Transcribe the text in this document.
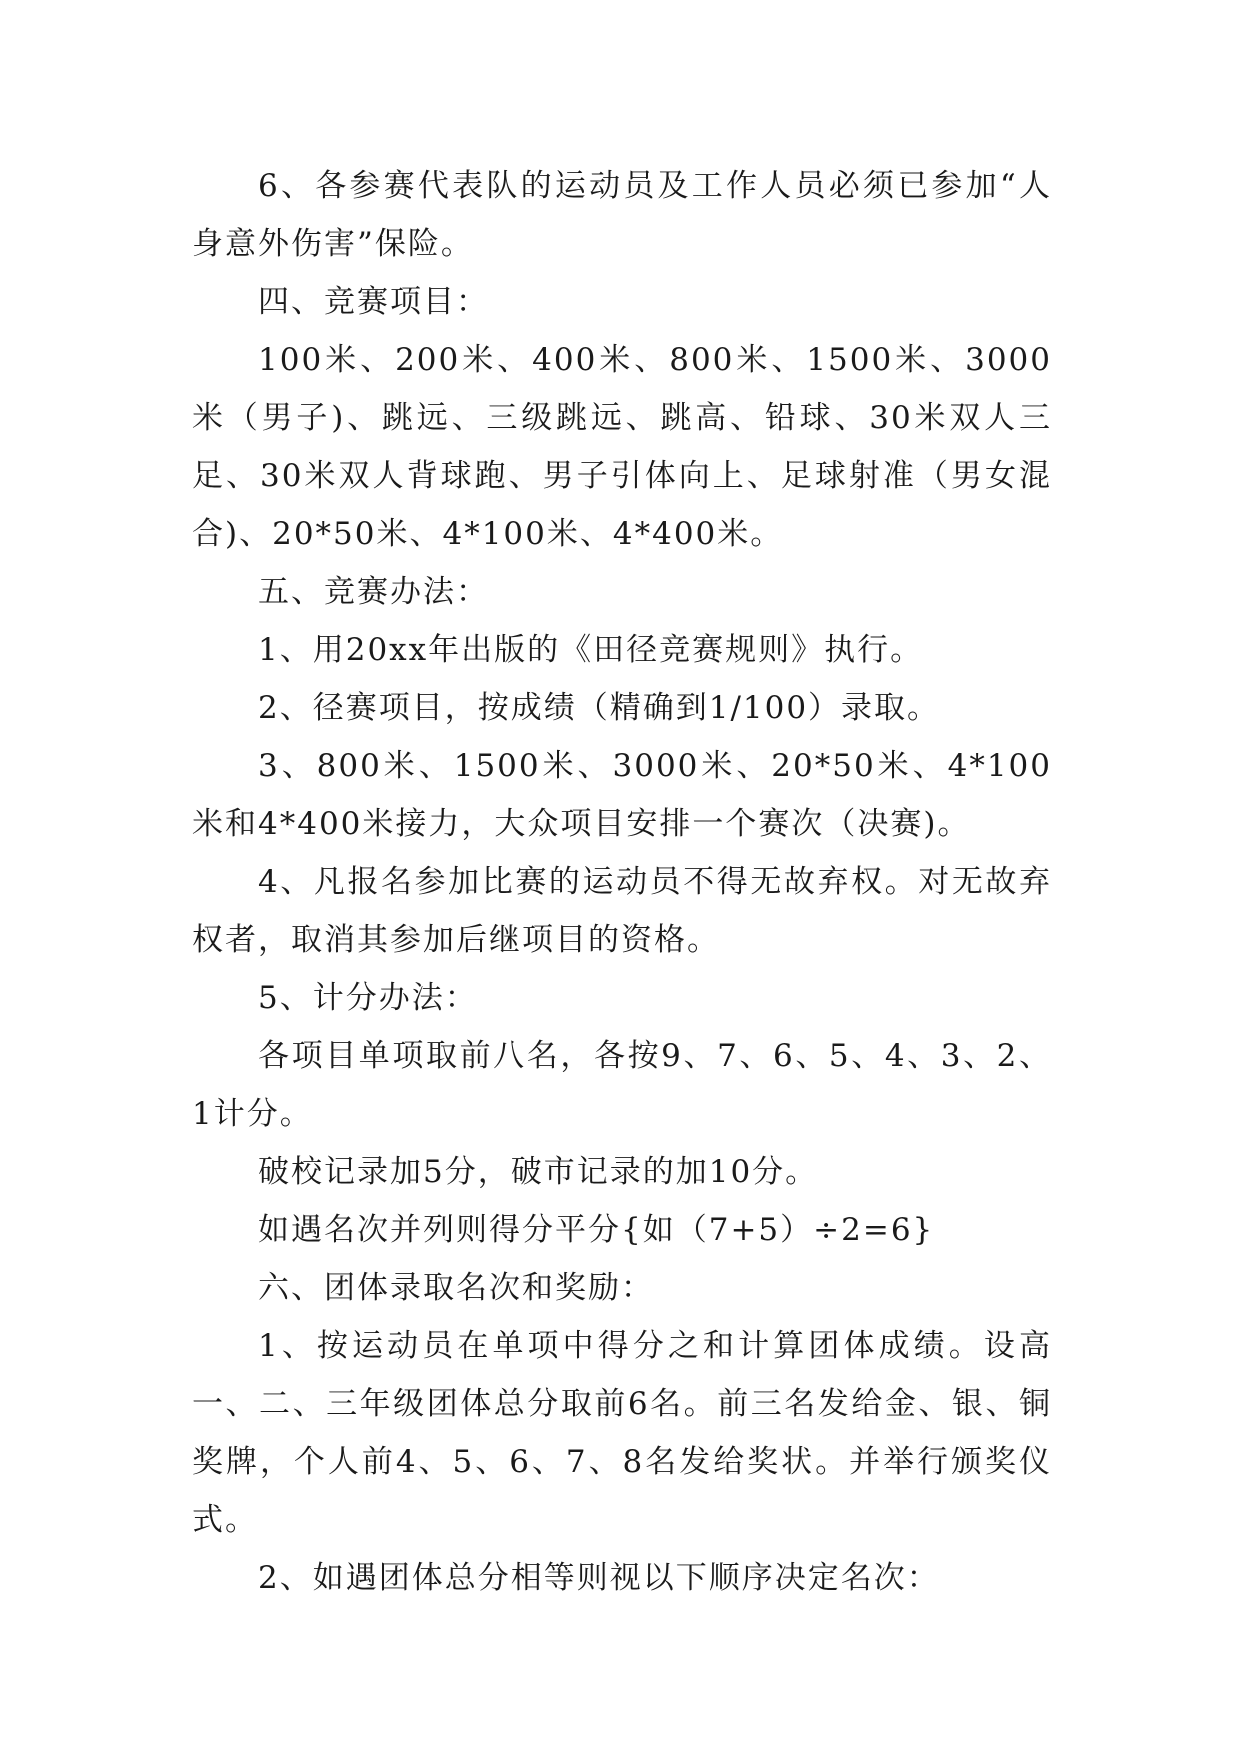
6、各参赛代表队的运动员及工作人员必须已参加“人身意外伤害”保险。

四、竞赛项目：

100米、200米、400米、800米、1500米、3000米（男子)、跳远、三级跳远、跳高、铅球、30米双人三足、30米双人背球跑、男子引体向上、足球射准（男女混合)、20*50米、4*100米、4*400米。

五、竞赛办法：

1、用20xx年出版的《田径竞赛规则》执行。

2、径赛项目，按成绩（精确到1/100）录取。

3、800米、1500米、3000米、20*50米、4*100米和4*400米接力，大众项目安排一个赛次（决赛)。

4、凡报名参加比赛的运动员不得无故弃权。对无故弃权者，取消其参加后继项目的资格。

5、计分办法：

各项目单项取前八名，各按9、7、6、5、4、3、2、1计分。

破校记录加5分，破市记录的加10分。

如遇名次并列则得分平分{如（7+5）÷2=6}

六、团体录取名次和奖励：

1、按运动员在单项中得分之和计算团体成绩。设高一、二、三年级团体总分取前6名。前三名发给金、银、铜奖牌，个人前4、5、6、7、8名发给奖状。并举行颁奖仪式。

2、如遇团体总分相等则视以下顺序决定名次：
